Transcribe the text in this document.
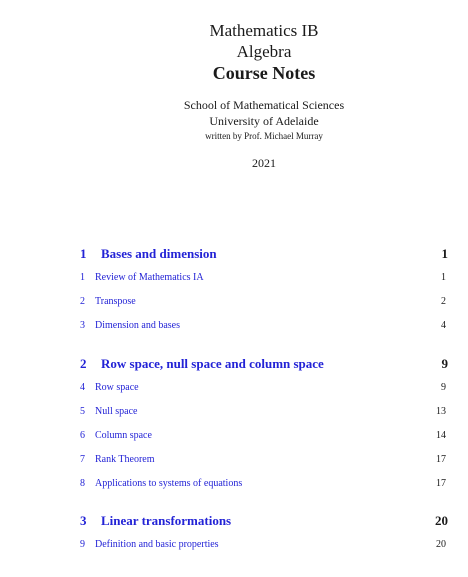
Mathematics IB
Algebra
Course Notes
School of Mathematical Sciences
University of Adelaide
written by Prof. Michael Murray
2021
1 Bases and dimension	1
1 Review of Mathematics IA	1
2 Transpose	2
3 Dimension and bases	4
2 Row space, null space and column space	9
4 Row space	9
5 Null space	13
6 Column space	14
7 Rank Theorem	17
8 Applications to systems of equations	17
3 Linear transformations	20
9 Definition and basic properties	20
